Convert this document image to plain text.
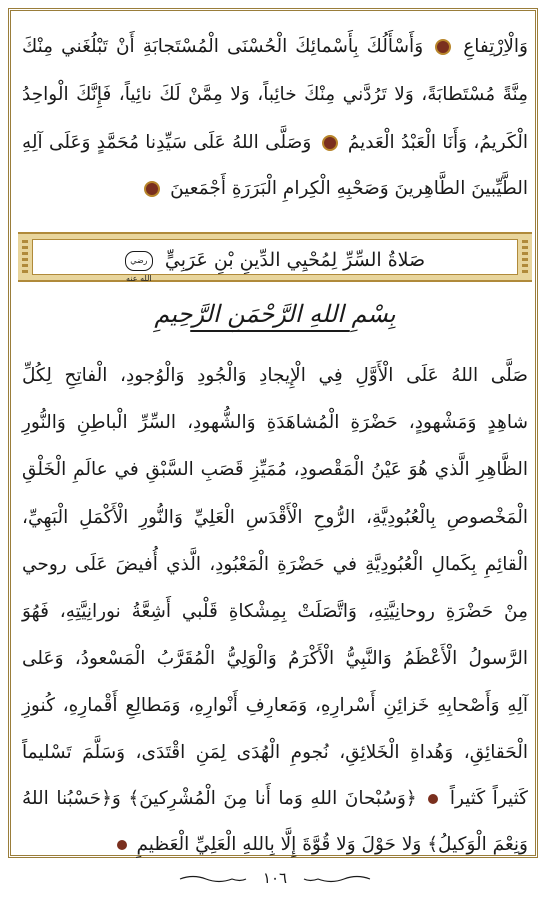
وَالْاِرْتِفاعِ  وَأَسْأَلُكَ بِأَسْمائِكَ الْحُسْنَى الْمُسْتَجابَةِ أَنْ تَبْلُغَني مِنْكَ
مِنَّةً مُسْتَطابَةً، وَلا تَرُدَّني مِنْكَ خائِباً، وَلا مِمَّنْ لَكَ نائِياً، فَإِنَّكَ الْواحِدُ
الْكَريمُ، وَأَنَا الْعَبْدُ الْعَديمُ  وَصَلَّى اللهُ عَلَى سَيِّدِنا مُحَمَّدٍ وَعَلَى آلِهِ
الطَّيِّبينَ الطَّاهِرينَ وَصَحْبِهِ الْكِرامِ الْبَرَرَةِ أَجْمَعينَ
صَلاةُ السِّرِّ لِمُحْيِي الدِّينِ بْنِ عَرَبِيٍّ رضي الله عنه
بِسْمِ اللهِ الرَّحْمَنِ الرَّحِيمِ
صَلَّى اللهُ عَلَى الْأَوَّلِ فِي الْإِيجادِ وَالْجُودِ وَالْوُجودِ، الْفاتِحِ لِكُلِّ
شاهِدٍ وَمَشْهودٍ، حَضْرَةِ الْمُشاهَدَةِ وَالشُّهودِ، السِّرِّ الْباطِنِ وَالنُّورِ
الظَّاهِرِ الَّذي هُوَ عَيْنُ الْمَقْصودِ، مُمَيِّزِ قَصَبِ السَّبْقِ في عالَمِ الْخَلْقِ
الْمَخْصوصِ بِالْعُبُودِيَّةِ، الرُّوحِ الْأَقْدَسِ الْعَلِيِّ وَالنُّورِ الْأَكْمَلِ الْبَهِيِّ،
الْقائِمِ بِكَمالِ الْعُبُودِيَّةِ في حَضْرَةِ الْمَعْبُودِ، الَّذي أُفيضَ عَلَى روحي
مِنْ حَضْرَةِ روحانِيَّتِهِ، وَاتَّصَلَتْ بِمِشْكاةِ قَلْبي أَشِعَّةُ نورانِيَّتِهِ، فَهُوَ
الرَّسولُ الْأَعْظَمُ وَالنَّبِيُّ الْأَكْرَمُ وَالْوَلِيُّ الْمُقَرَّبُ الْمَسْعودُ، وَعَلى
آلِهِ وَأَصْحابِهِ خَزائِنِ أَسْرارِهِ، وَمَعارِفِ أَنْوارِهِ، وَمَطالِعِ أَقْمارِهِ، كُنوزِ
الْحَقائِقِ، وَهُداةِ الْخَلائِقِ، نُجومِ الْهُدَى لِمَنِ اقْتَدَى، وَسَلَّمَ تَسْليماً
كَثيراً كَثيراً  ﴿وَسُبْحانَ اللهِ وَما أَنا مِنَ الْمُشْرِكينَ﴾ وَ﴿حَسْبُنا اللهُ
وَنِعْمَ الْوَكيلُ﴾ وَلا حَوْلَ وَلا قُوَّةَ إِلَّا بِاللهِ الْعَلِيِّ الْعَظيمِ
١٠٦
